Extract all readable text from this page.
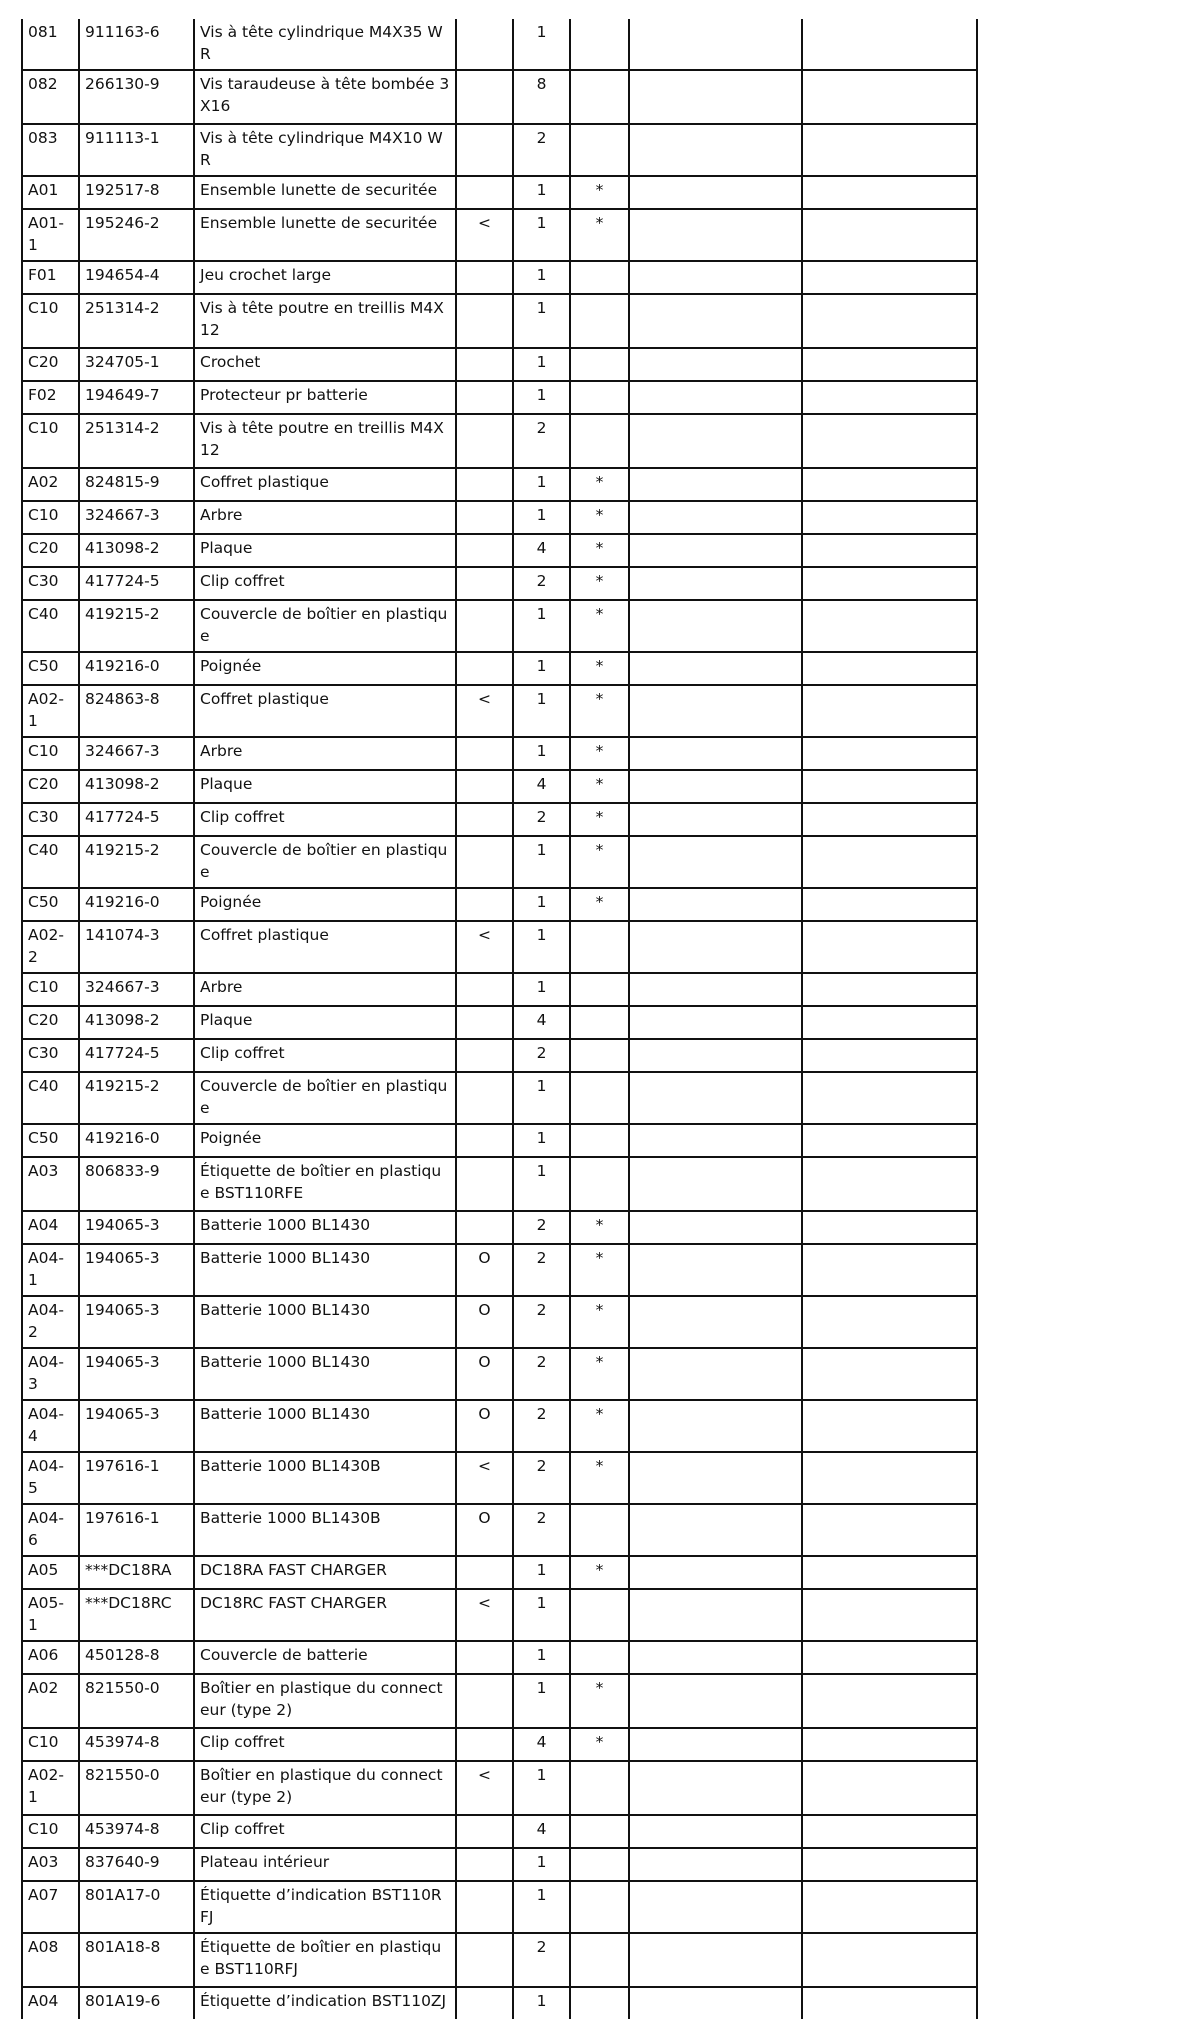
081	911163-6	Vis à tête cylindrique M4X35 WR		1			
082	266130-9	Vis taraudeuse à tête bombée 3X16		8			
083	911113-1	Vis à tête cylindrique M4X10 WR		2			
A01	192517-8	Ensemble lunette de securitée		1	*		
A01-1	195246-2	Ensemble lunette de securitée	<	1	*		
F01	194654-4	Jeu crochet large		1			
C10	251314-2	Vis à tête poutre en treillis M4X12		1			
C20	324705-1	Crochet		1			
F02	194649-7	Protecteur pr batterie		1			
C10	251314-2	Vis à tête poutre en treillis M4X12		2			
A02	824815-9	Coffret plastique		1	*		
C10	324667-3	Arbre		1	*		
C20	413098-2	Plaque		4	*		
C30	417724-5	Clip coffret		2	*		
C40	419215-2	Couvercle de boîtier en plastique		1	*		
C50	419216-0	Poignée		1	*		
A02-1	824863-8	Coffret plastique	<	1	*		
C10	324667-3	Arbre		1	*		
C20	413098-2	Plaque		4	*		
C30	417724-5	Clip coffret		2	*		
C40	419215-2	Couvercle de boîtier en plastique		1	*		
C50	419216-0	Poignée		1	*		
A02-2	141074-3	Coffret plastique	<	1			
C10	324667-3	Arbre		1			
C20	413098-2	Plaque		4			
C30	417724-5	Clip coffret		2			
C40	419215-2	Couvercle de boîtier en plastique		1			
C50	419216-0	Poignée		1			
A03	806833-9	Étiquette de boîtier en plastique BST110RFE		1			
A04	194065-3	Batterie 1000 BL1430		2	*		
A04-1	194065-3	Batterie 1000 BL1430	O	2	*		
A04-2	194065-3	Batterie 1000 BL1430	O	2	*		
A04-3	194065-3	Batterie 1000 BL1430	O	2	*		
A04-4	194065-3	Batterie 1000 BL1430	O	2	*		
A04-5	197616-1	Batterie 1000 BL1430B	<	2	*		
A04-6	197616-1	Batterie 1000 BL1430B	O	2			
A05	***DC18RA	DC18RA FAST CHARGER		1	*		
A05-1	***DC18RC	DC18RC FAST CHARGER	<	1			
A06	450128-8	Couvercle de batterie		1			
A02	821550-0	Boîtier en plastique du connecteur (type 2)		1	*		
C10	453974-8	Clip coffret		4	*		
A02-1	821550-0	Boîtier en plastique du connecteur (type 2)	<	1			
C10	453974-8	Clip coffret		4			
A03	837640-9	Plateau intérieur		1			
A07	801A17-0	Étiquette d’indication BST110RFJ		1			
A08	801A18-8	Étiquette de boîtier en plastique BST110RFJ		2			
A04	801A19-6	Étiquette d’indication BST110ZJ		1			
